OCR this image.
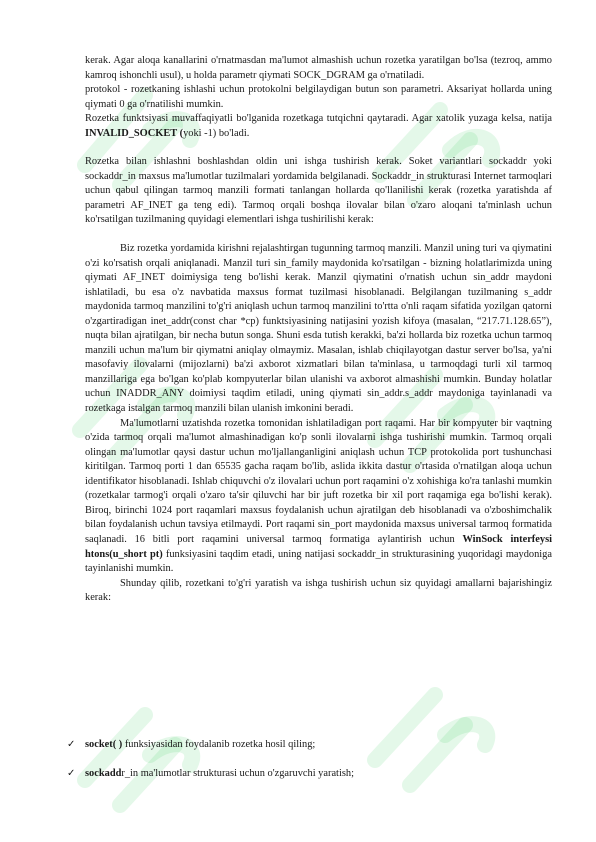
kerak. Agar aloqa kanallarini o'rnatmasdan ma'lumot almashish uchun rozetka yaratilgan bo'lsa (tezroq, ammo kamroq ishonchli usul), u holda parametr qiymati SOCK_DGRAM ga o'rnatiladi.

protokol - rozetkaning ishlashi uchun protokolni belgilaydigan butun son parametri. Aksariyat hollarda uning qiymati 0 ga o'rnatilishi mumkin.

Rozetka funktsiyasi muvaffaqiyatli bo'lganida rozetkaga tutqichni qaytaradi. Agar xatolik yuzaga kelsa, natija INVALID_SOCKET (yoki -1) bo'ladi.

Rozetka bilan ishlashni boshlashdan oldin uni ishga tushirish kerak. Soket variantlari sockaddr yoki sockaddr_in maxsus ma'lumotlar tuzilmalari yordamida belgilanadi. Sockaddr_in strukturasi Internet tarmoqlari uchun qabul qilingan tarmoq manzili formati tanlangan hollarda qo'llanilishi kerak (rozetka yaratishda af parametri AF_INET ga teng edi). Tarmoq orqali boshqa ilovalar bilan o'zaro aloqani ta'minlash uchun ko'rsatilgan tuzilmaning quyidagi elementlari ishga tushirilishi kerak:

Biz rozetka yordamida kirishni rejalashtirgan tugunning tarmoq manzili. Manzil uning turi va qiymatini o'zi ko'rsatish orqali aniqlanadi. Manzil turi sin_family maydonida ko'rsatilgan - bizning holatlarimizda uning qiymati AF_INET doimiysiga teng bo'lishi kerak. Manzil qiymatini o'rnatish uchun sin_addr maydoni ishlatiladi, bu esa o'z navbatida maxsus format tuzilmasi hisoblanadi. Belgilangan tuzilmaning s_addr maydonida tarmoq manzilini to'g'ri aniqlash uchun tarmoq manzilini to'rtta o'nli raqam sifatida yozilgan qatorni o'zgartiradigan inet_addr(const char *cp) funktsiyasining natijasini yozish kifoya (masalan, “217.71.128.65”), nuqta bilan ajratilgan, bir necha butun songa. Shuni esda tutish kerakki, ba'zi hollarda biz rozetka uchun tarmoq manzili uchun ma'lum bir qiymatni aniqlay olmaymiz. Masalan, ishlab chiqilayotgan dastur server bo'lsa, ya'ni masofaviy ilovalarni (mijozlarni) ba'zi axborot xizmatlari bilan ta'minlasa, u tarmoqdagi turli xil tarmoq manzillariga ega bo'lgan ko'plab kompyuterlar bilan ulanishi va axborot almashishi mumkin. Bunday holatlar uchun INADDR_ANY doimiysi taqdim etiladi, uning qiymati sin_addr.s_addr maydoniga tayinlanadi va rozetkaga istalgan tarmoq manzili bilan ulanish imkonini beradi.

Ma'lumotlarni uzatishda rozetka tomonidan ishlatiladigan port raqami. Har bir kompyuter bir vaqtning o'zida tarmoq orqali ma'lumot almashinadigan ko'p sonli ilovalarni ishga tushirishi mumkin. Tarmoq orqali olingan ma'lumotlar qaysi dastur uchun mo'ljallanganligini aniqlash uchun TCP protokolida port tushunchasi kiritilgan. Tarmoq porti 1 dan 65535 gacha raqam bo'lib, aslida ikkita dastur o'rtasida o'rnatilgan aloqa uchun identifikator hisoblanadi. Ishlab chiquvchi o'z ilovalari uchun port raqamini o'z xohishiga ko'ra tanlashi mumkin (rozetkalar tarmog'i orqali o'zaro ta'sir qiluvchi har bir juft rozetka bir xil port raqamiga ega bo'lishi kerak). Biroq, birinchi 1024 port raqamlari maxsus foydalanish uchun ajratilgan deb hisoblanadi va o'zboshimchalik bilan foydalanish uchun tavsiya etilmaydi. Port raqami sin_port maydonida maxsus universal tarmoq formatida saqlanadi. 16 bitli port raqamini universal tarmoq formatiga aylantirish uchun WinSock interfeysi htons(u_short pt) funksiyasini taqdim etadi, uning natijasi sockaddr_in strukturasining yuqoridagi maydoniga tayinlanishi mumkin.

Shunday qilib, rozetkani to'g'ri yaratish va ishga tushirish uchun siz quyidagi amallarni bajarishingiz kerak:

✓ socket( ) funksiyasidan foydalanib rozetka hosil qiling;
✓ sockaddr_in ma'lumotlar strukturasi uchun o'zgaruvchi yaratish;
